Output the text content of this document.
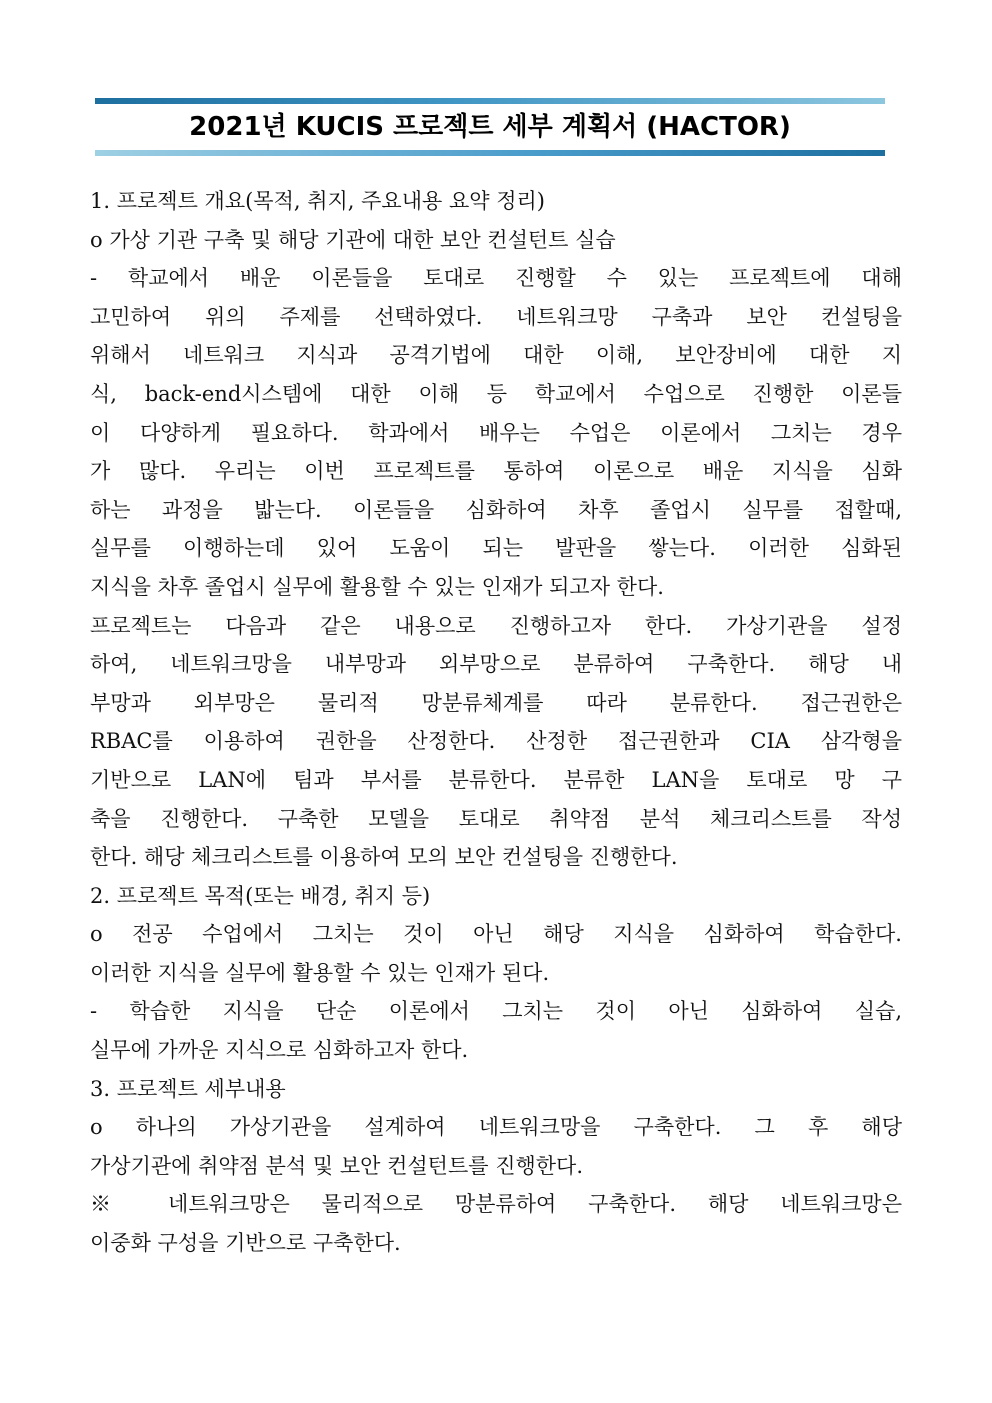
2021년 KUCIS 프로젝트 세부 계획서 (HACTOR)
1. 프로젝트 개요(목적, 취지, 주요내용 요약 정리)
o 가상 기관 구축 및 해당 기관에 대한 보안 컨설턴트 실습
- 학교에서 배운 이론들을 토대로 진행할 수 있는 프로젝트에 대해
고민하여 위의 주제를 선택하였다. 네트워크망 구축과 보안 컨설팅을
위해서 네트워크 지식과 공격기법에 대한 이해, 보안장비에 대한 지
식, back-end시스템에 대한 이해 등 학교에서 수업으로 진행한 이론들
이 다양하게 필요하다. 학과에서 배우는 수업은 이론에서 그치는 경우
가 많다. 우리는 이번 프로젝트를 통하여 이론으로 배운 지식을 심화
하는 과정을 밟는다. 이론들을 심화하여 차후 졸업시 실무를 접할때,
실무를 이행하는데 있어 도움이 되는 발판을 쌓는다. 이러한 심화된
지식을 차후 졸업시 실무에 활용할 수 있는 인재가 되고자 한다.
프로젝트는 다음과 같은 내용으로 진행하고자 한다. 가상기관을 설정
하여, 네트워크망을 내부망과 외부망으로 분류하여 구축한다. 해당 내
부망과 외부망은 물리적 망분류체계를 따라 분류한다. 접근권한은
RBAC를 이용하여 권한을 산정한다. 산정한 접근권한과 CIA 삼각형을
기반으로 LAN에 팀과 부서를 분류한다. 분류한 LAN을 토대로 망 구
축을 진행한다. 구축한 모델을 토대로 취약점 분석 체크리스트를 작성
한다. 해당 체크리스트를 이용하여 모의 보안 컨설팅을 진행한다.
2. 프로젝트 목적(또는 배경, 취지 등)
o 전공 수업에서 그치는 것이 아닌 해당 지식을 심화하여 학습한다.
이러한 지식을 실무에 활용할 수 있는 인재가 된다.
- 학습한 지식을 단순 이론에서 그치는 것이 아닌 심화하여 실습,
실무에 가까운 지식으로 심화하고자 한다.
3. 프로젝트 세부내용
o 하나의 가상기관을 설계하여 네트워크망을 구축한다. 그 후 해당
가상기관에 취약점 분석 및 보안 컨설턴트를 진행한다.
※ 네트워크망은 물리적으로 망분류하여 구축한다. 해당 네트워크망은
이중화 구성을 기반으로 구축한다.
